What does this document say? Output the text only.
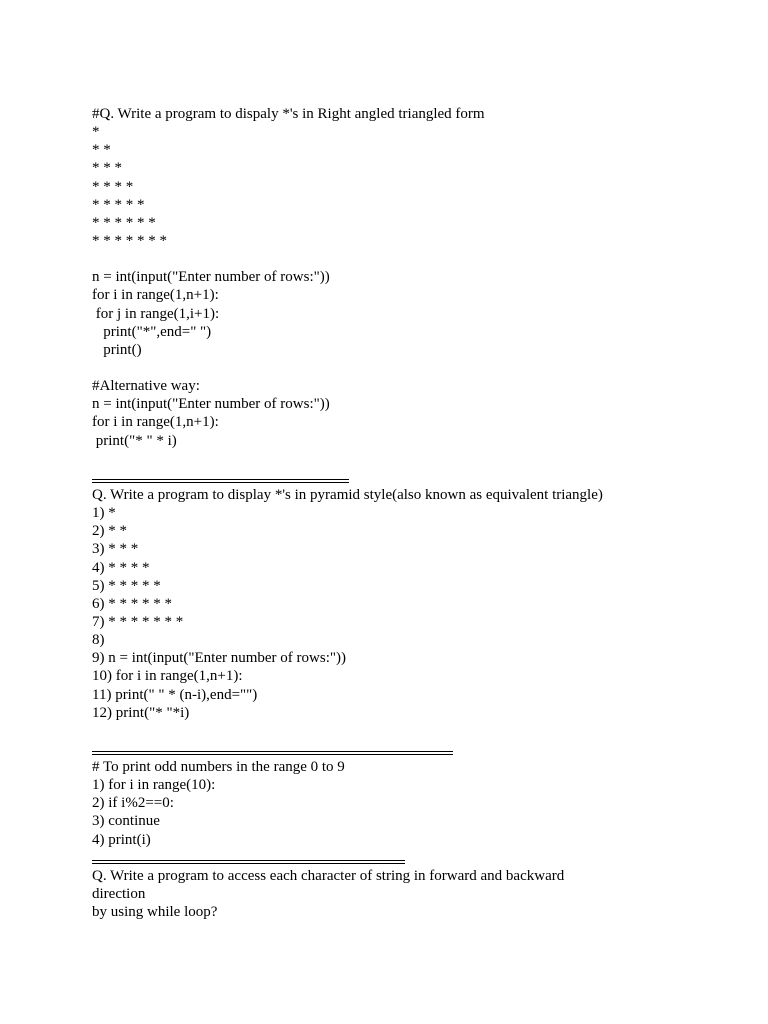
#Q. Write a program to dispaly *'s in Right angled triangled form
*
* *
* * *
* * * *
* * * * *
* * * * * *
* * * * * * *
n = int(input("Enter number of rows:"))
for i in range(1,n+1):
for j in range(1,i+1):
print("*",end=" ")
print()
#Alternative way:
n = int(input("Enter number of rows:"))
for i in range(1,n+1):
print("* " * i)
Q. Write a program to display *'s in pyramid style(also known as equivalent triangle)
1) *
2) * *
3) * * *
4) * * * *
5) * * * * *
6) * * * * * *
7) * * * * * * *
8)
9) n = int(input("Enter number of rows:"))
10) for i in range(1,n+1):
11) print(" " * (n-i),end="")
12) print("* "*i)
# To print odd numbers in the range 0 to 9
1) for i in range(10):
2) if i%2==0:
3) continue
4) print(i)
Q. Write a program to access each character of string in forward and backward
direction
by using while loop?
